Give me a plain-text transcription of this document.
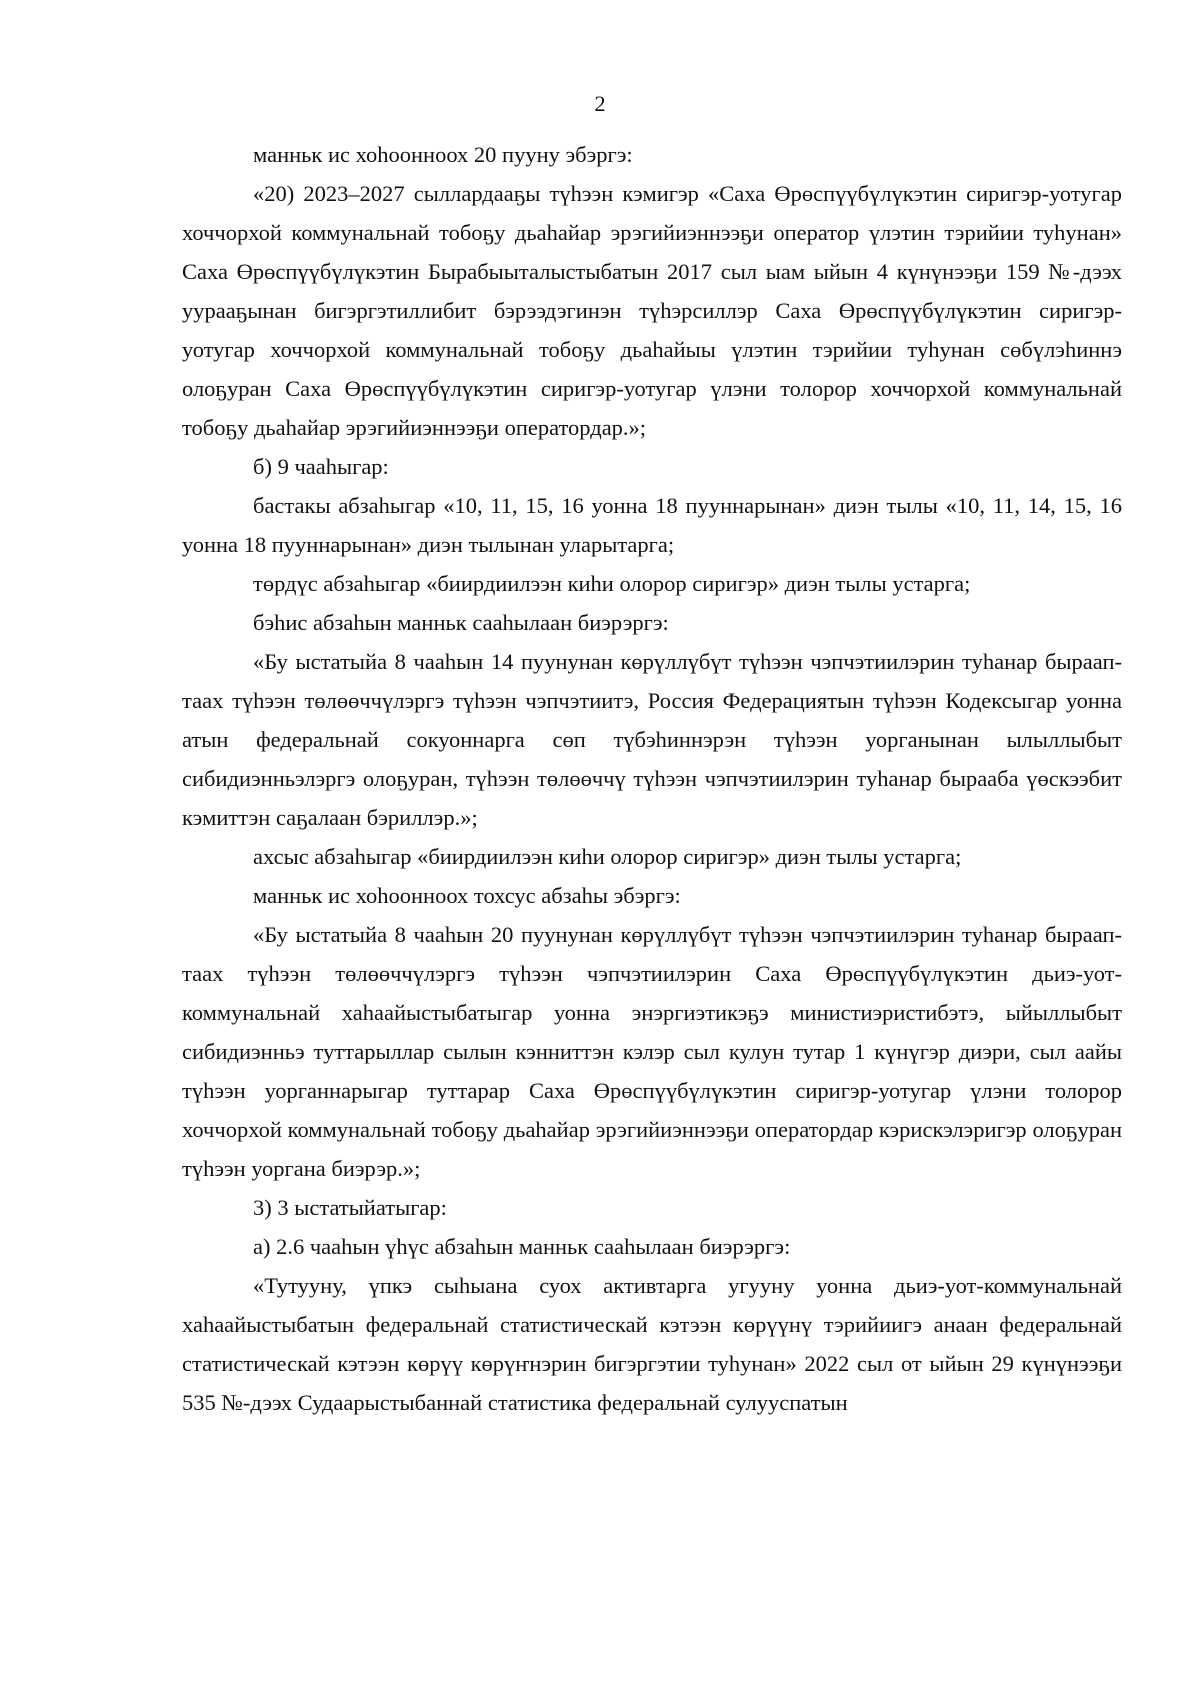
2

манньк ис хоһоонноох 20 пууну эбэргэ:

«20) 2023–2027 сыллардааҕы түһээн кэмигэр «Саха Өрөспүүбүлүкэтин сиригэр-уотугар хоччорхой коммунальнай тобоҕу дьаһайар эрэгийиэннээҕи оператор үлэтин тэрийии туһунан» Саха Өрөспүүбүлүкэтин Бырабыыталыстыбатын 2017 сыл ыам ыйын 4 күнүнээҕи 159 №-дээх уурааҕынан бигэргэтиллибит бэрээдэгинэн түһэрсиллэр Саха Өрөспүүбүлүкэтин сиригэр-уотугар хоччорхой коммунальнай тобоҕу дьаһайыы үлэтин тэрийии туһунан сөбүлэһиннэ олоҕуран Саха Өрөспүүбүлүкэтин сиригэр-уотугар үлэни толорор хоччорхой коммунальнай тобоҕу дьаһайар эрэгийиэннээҕи оператордар.»;

б) 9 чааһыгар:

бастакы абзаһыгар «10, 11, 15, 16 уонна 18 пууннарынан» диэн тылы «10, 11, 14, 15, 16 уонна 18 пууннарынан» диэн тылынан уларытарга;

төрдүс абзаһыгар «биирдиилээн киһи олорор сиригэр» диэн тылы устарга;

бэһис абзаһын манньк сааһылаан биэрэргэ:

«Бу ыстатыйа 8 чааһын 14 пуунунан көрүллүбүт түһээн чэпчэтиилэрин туһанар бырааптаах түһээн төлөөччүлэргэ түһээн чэпчэтиитэ, Россия Федерациятын түһээн Кодексыгар уонна атын федеральнай сокуоннарга сөп түбэһиннэрэн түһээн уорганынан ылыллыбыт сибидиэнньэлэргэ олоҕуран, түһээн төлөөччү түһээн чэпчэтиилэрин туһанар бырааба үөскээбит кэмиттэн саҕалаан бэриллэр.»;

ахсыс абзаһыгар «биирдиилээн киһи олорор сиригэр» диэн тылы устарга;

манньк ис хоһоонноох тохсус абзаһы эбэргэ:

«Бу ыстатыйа 8 чааһын 20 пуунунан көрүллүбүт түһээн чэпчэтиилэрин туһанар бырааптаах түһээн төлөөччүлэргэ түһээн чэпчэтиилэрин Саха Өрөспүүбүлүкэтин дьиэ-уот-коммунальнай хаһаайыстыбатыгар уонна энэргиэтикэҕэ министиэристибэтэ, ыйыллыбыт сибидиэнньэ туттарыллар сылын кэнниттэн кэлэр сыл кулун тутар 1 күнүгэр диэри, сыл аайы түһээн уорганнарыгар туттарар Саха Өрөспүүбүлүкэтин сиригэр-уотугар үлэни толорор хоччорхой коммунальнай тобоҕу дьаһайар эрэгийиэннээҕи оператордар кэрискэлэригэр олоҕуран түһээн уоргана биэрэр.»;

3) 3 ыстатыйатыгар:

а) 2.6 чааһын үһүс абзаһын манньк сааһылаан биэрэргэ:

«Тутууну, үпкэ сыһыана суох активтарга угууну уонна дьиэ-уот-коммунальнай хаһаайыстыбатын федеральнай статистическай кэтээн көрүүнү тэрийиигэ анаан федеральнай статистическай кэтээн көрүү көрүҥнэрин бигэргэтии туһунан» 2022 сыл от ыйын 29 күнүнээҕи 535 №-дээх Судаарыстыбаннай статистика федеральнай сулууспатын
